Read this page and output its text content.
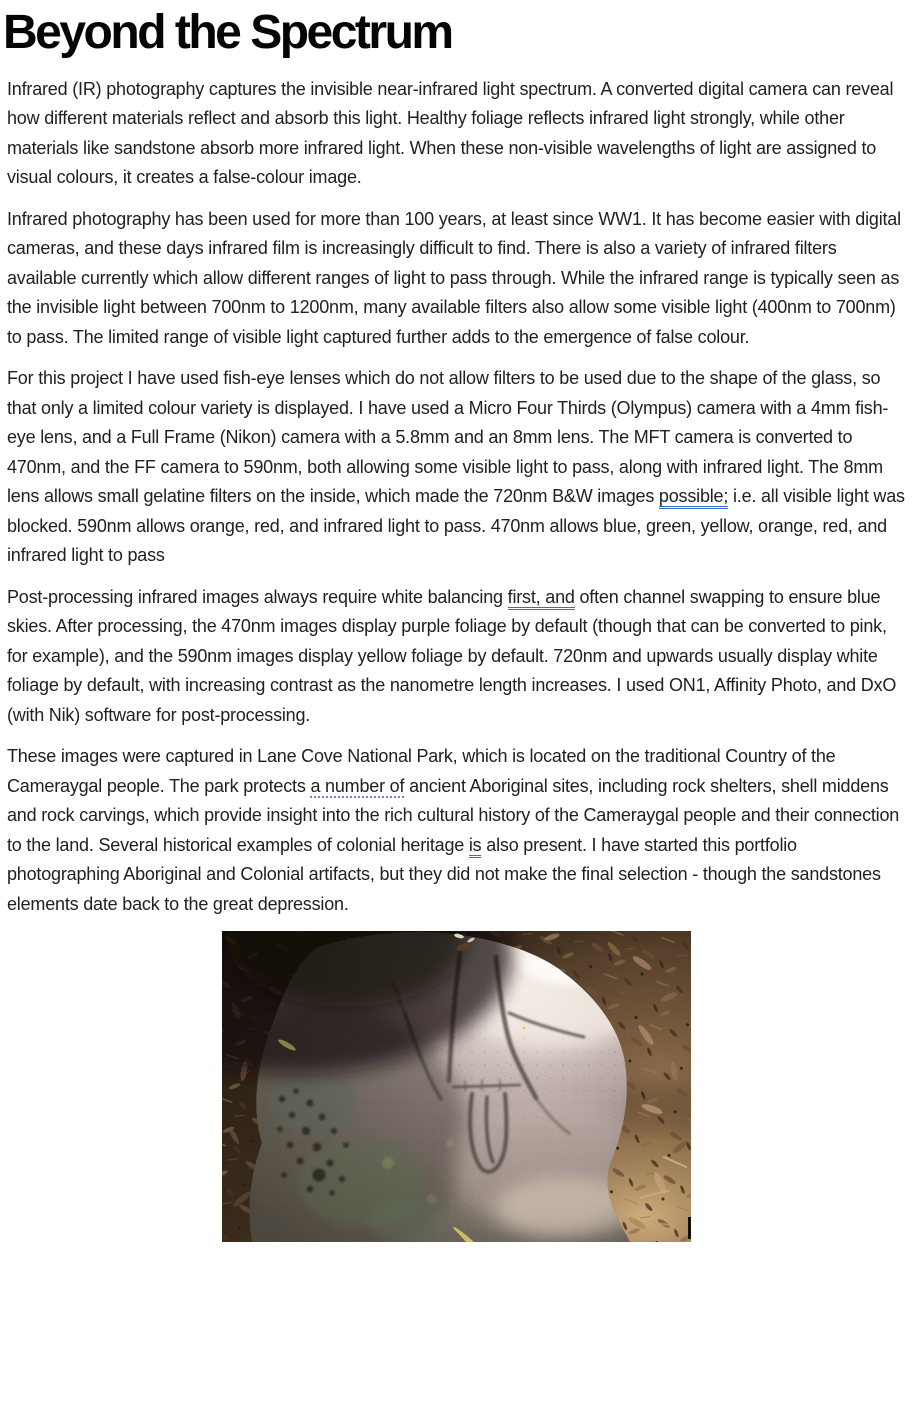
Beyond the Spectrum

Infrared (IR) photography captures the invisible near-infrared light spectrum. A converted digital camera can reveal how different materials reflect and absorb this light. Healthy foliage reflects infrared light strongly, while other materials like sandstone absorb more infrared light. When these non-visible wavelengths of light are assigned to visual colours, it creates a false-colour image.

Infrared photography has been used for more than 100 years, at least since WW1. It has become easier with digital cameras, and these days infrared film is increasingly difficult to find. There is also a variety of infrared filters available currently which allow different ranges of light to pass through. While the infrared range is typically seen as the invisible light between 700nm to 1200nm, many available filters also allow some visible light (400nm to 700nm) to pass. The limited range of visible light captured further adds to the emergence of false colour.

For this project I have used fish-eye lenses which do not allow filters to be used due to the shape of the glass, so that only a limited colour variety is displayed. I have used a Micro Four Thirds (Olympus) camera with a 4mm fish-eye lens, and a Full Frame (Nikon) camera with a 5.8mm and an 8mm lens. The MFT camera is converted to 470nm, and the FF camera to 590nm, both allowing some visible light to pass, along with infrared light. The 8mm lens allows small gelatine filters on the inside, which made the 720nm B&W images possible; i.e. all visible light was blocked. 590nm allows orange, red, and infrared light to pass. 470nm allows blue, green, yellow, orange, red, and infrared light to pass

Post-processing infrared images always require white balancing first, and often channel swapping to ensure blue skies. After processing, the 470nm images display purple foliage by default (though that can be converted to pink, for example), and the 590nm images display yellow foliage by default. 720nm and upwards usually display white foliage by default, with increasing contrast as the nanometre length increases. I used ON1, Affinity Photo, and DxO (with Nik) software for post-processing.

These images were captured in Lane Cove National Park, which is located on the traditional Country of the Cameraygal people. The park protects a number of ancient Aboriginal sites, including rock shelters, shell middens and rock carvings, which provide insight into the rich cultural history of the Cameraygal people and their connection to the land. Several historical examples of colonial heritage is also present. I have started this portfolio photographing Aboriginal and Colonial artifacts, but they did not make the final selection - though the sandstones elements date back to the great depression.
